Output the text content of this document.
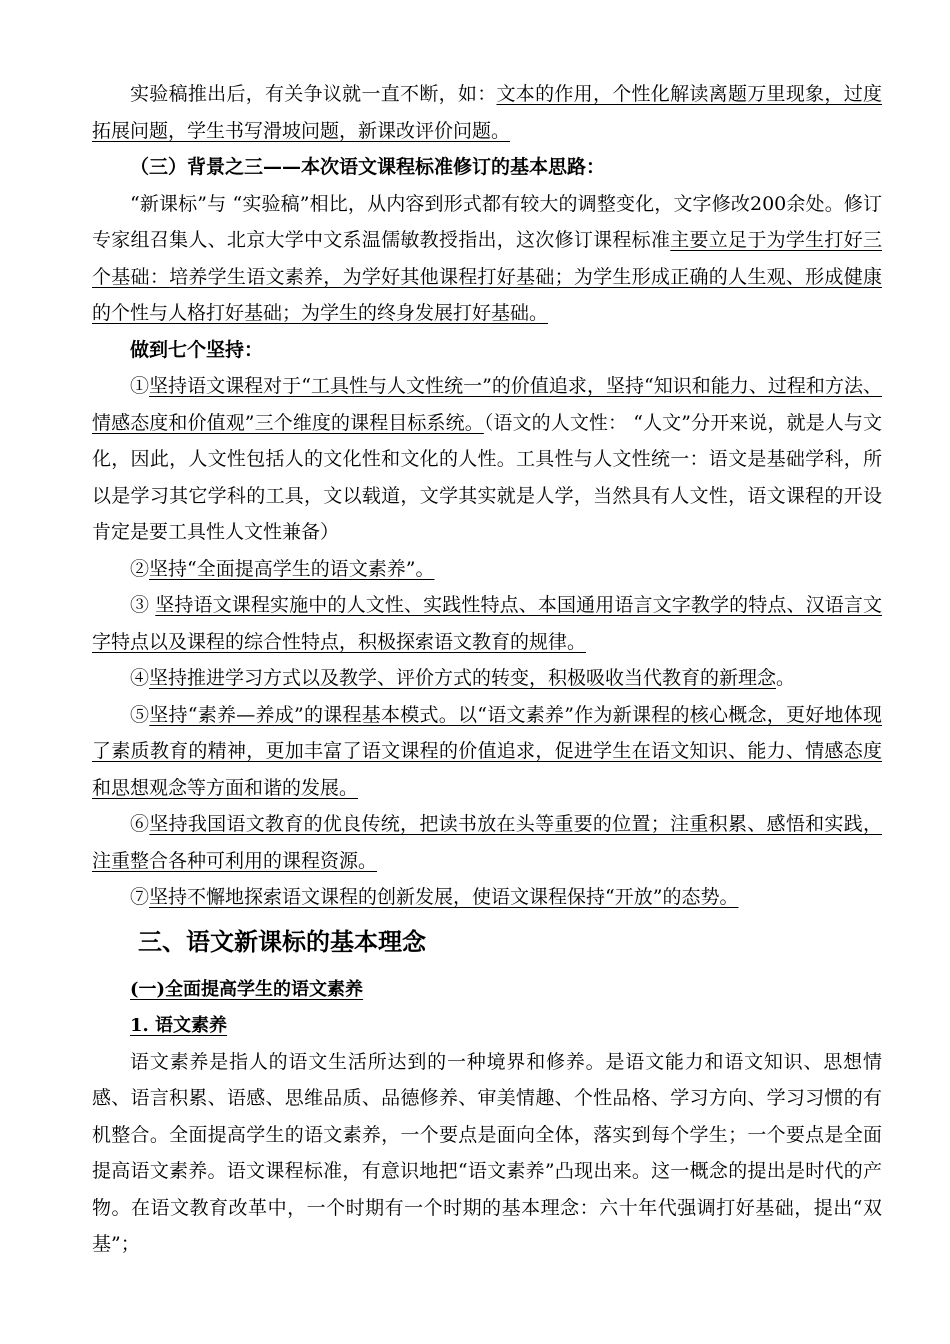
实验稿推出后，有关争议就一直不断，如：文本的作用，个性化解读离题万里现象，过度拓展问题，学生书写滑坡问题，新课改评价问题。

（三）背景之三——本次语文课程标准修订的基本思路：

“新课标”与 “实验稿”相比，从内容到形式都有较大的调整变化，文字修改200余处。修订专家组召集人、北京大学中文系温儒敏教授指出，这次修订课程标准主要立足于为学生打好三个基础：培养学生语文素养，为学好其他课程打好基础；为学生形成正确的人生观、形成健康的个性与人格打好基础；为学生的终身发展打好基础。

做到七个坚持：

①坚持语文课程对于“工具性与人文性统一”的价值追求，坚持“知识和能力、过程和方法、情感态度和价值观”三个维度的课程目标系统。（语文的人文性： “人文”分开来说，就是人与文化，因此，人文性包括人的文化性和文化的人性。工具性与人文性统一：语文是基础学科，所以是学习其它学科的工具，文以载道，文学其实就是人学，当然具有人文性，语文课程的开设肯定是要工具性人文性兼备）

②坚持“全面提高学生的语文素养”。

③ 坚持语文课程实施中的人文性、实践性特点、本国通用语言文字教学的特点、汉语言文字特点以及课程的综合性特点，积极探索语文教育的规律。

④坚持推进学习方式以及教学、评价方式的转变，积极吸收当代教育的新理念。

⑤坚持“素养—养成”的课程基本模式。以“语文素养”作为新课程的核心概念，更好地体现了素质教育的精神，更加丰富了语文课程的价值追求，促进学生在语文知识、能力、情感态度和思想观念等方面和谐的发展。

⑥坚持我国语文教育的优良传统，把读书放在头等重要的位置；注重积累、感悟和实践，注重整合各种可利用的课程资源。

⑦坚持不懈地探索语文课程的创新发展，使语文课程保持“开放”的态势。

三、语文新课标的基本理念
(一)全面提高学生的语文素养
1. 语文素养

语文素养是指人的语文生活所达到的一种境界和修养。是语文能力和语文知识、思想情感、语言积累、语感、思维品质、品德修养、审美情趣、个性品格、学习方向、学习习惯的有机整合。全面提高学生的语文素养，一个要点是面向全体，落实到每个学生；一个要点是全面提高语文素养。语文课程标准，有意识地把“语文素养”凸现出来。这一概念的提出是时代的产物。在语文教育改革中，一个时期有一个时期的基本理念：六十年代强调打好基础，提出“双基”；
